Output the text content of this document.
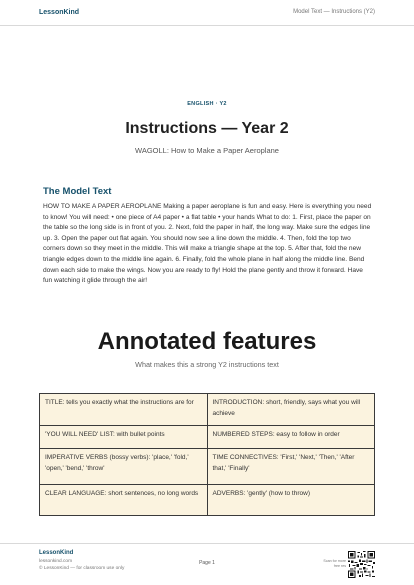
LessonKind	Model Text — Instructions (Y2)
ENGLISH · Y2
Instructions — Year 2
WAGOLL: How to Make a Paper Aeroplane
The Model Text

HOW TO MAKE A PAPER AEROPLANE Making a paper aeroplane is fun and easy. Here is everything you need to know! You will need: • one piece of A4 paper • a flat table • your hands What to do: 1. First, place the paper on the table so the long side is in front of you. 2. Next, fold the paper in half, the long way. Make sure the edges line up. 3. Open the paper out flat again. You should now see a line down the middle. 4. Then, fold the top two corners down so they meet in the middle. This will make a triangle shape at the top. 5. After that, fold the new triangle edges down to the middle line again. 6. Finally, fold the whole plane in half along the middle line. Bend down each side to make the wings. Now you are ready to fly! Hold the plane gently and throw it forward. Have fun watching it glide through the air!

Annotated features
What makes this a strong Y2 instructions text
TITLE: tells you exactly what the instructions are for	INTRODUCTION: short, friendly, says what you will achieve
'YOU WILL NEED' LIST: with bullet points	NUMBERED STEPS: easy to follow in order
IMPERATIVE VERBS (bossy verbs): 'place,' 'fold,' 'open,' 'bend,' 'throw'	TIME CONNECTIVES: 'First,' 'Next,' 'Then,' 'After that,' 'Finally'
CLEAR LANGUAGE: short sentences, no long words	ADVERBS: 'gently' (how to throw)
LessonKind
lessonkind.com
© LessonKind — for classroom use only
Page 1	Scan for more free res
